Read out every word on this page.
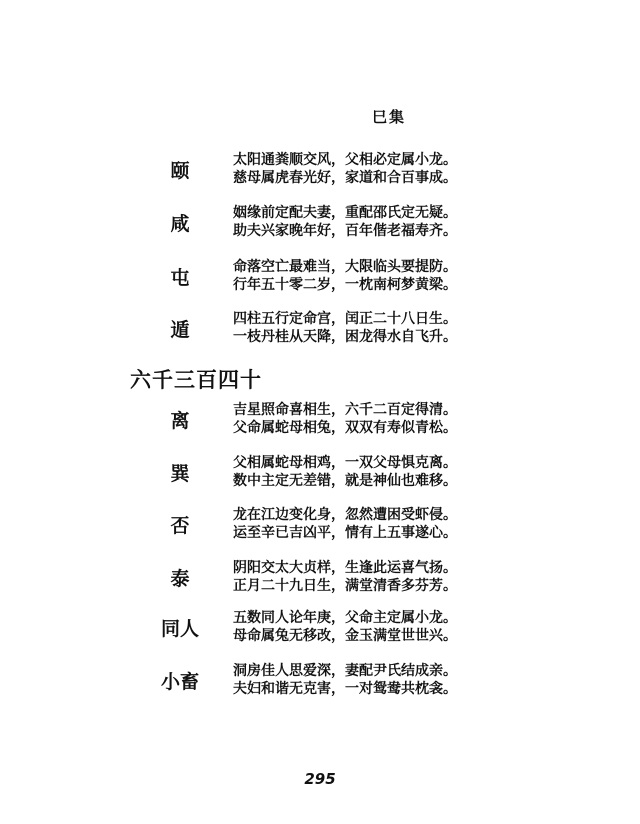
巳集
颐	太阳通粪顺交风，父相必定属小龙。
慈母属虎春光好，家道和合百事成。
咸	姻缘前定配夫妻，重配邵氏定无疑。
助夫兴家晚年好，百年偕老福寿齐。
屯	命落空亡最难当，大限临头要提防。
行年五十零二岁，一枕南柯梦黄梁。
遁	四柱五行定命宫，闰正二十八日生。
一枝丹桂从天降，困龙得水自飞升。
六千三百四十
离	吉星照命喜相生，六千二百定得清。
父命属蛇母相兔，双双有寿似青松。
巽	父相属蛇母相鸡，一双父母惧克离。
数中主定无差错，就是神仙也难移。
否	龙在江边变化身，忽然遭困受虾侵。
运至辛已吉凶平，情有上五事遂心。
泰	阴阳交太大贞样，生逢此运喜气扬。
正月二十九日生，满堂清香多芬芳。
同人	五数同人论年庚，父命主定属小龙。
母命属兔无移改，金玉满堂世世兴。
小畜	洞房佳人思爱深，妻配尹氏结成亲。
夫妇和谐无克害，一对鸳鸯共枕衾。
295
